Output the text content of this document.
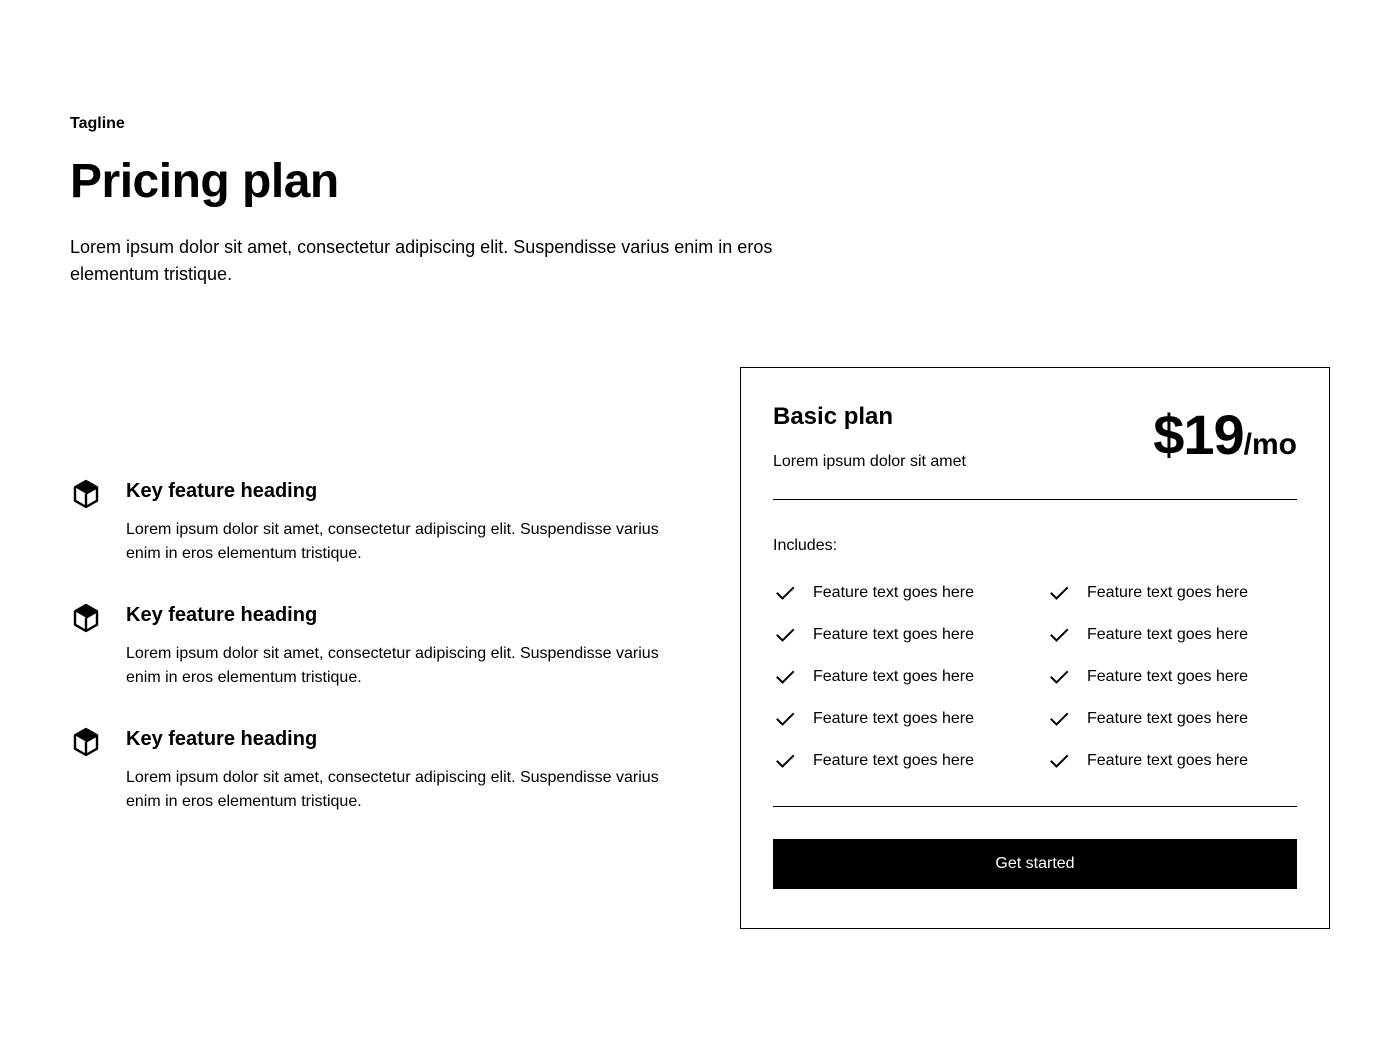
Tagline
Pricing plan

Lorem ipsum dolor sit amet, consectetur adipiscing elit. Suspendisse varius enim in eros elementum tristique.

Key feature heading

Lorem ipsum dolor sit amet, consectetur adipiscing elit. Suspendisse varius enim in eros elementum tristique.

Key feature heading

Lorem ipsum dolor sit amet, consectetur adipiscing elit. Suspendisse varius enim in eros elementum tristique.

Key feature heading

Lorem ipsum dolor sit amet, consectetur adipiscing elit. Suspendisse varius enim in eros elementum tristique.

Basic plan

Lorem ipsum dolor sit amet	$19/mo

Includes:

Feature text goes here	Feature text goes here
Feature text goes here	Feature text goes here
Feature text goes here	Feature text goes here
Feature text goes here	Feature text goes here
Feature text goes here	Feature text goes here
Get started
